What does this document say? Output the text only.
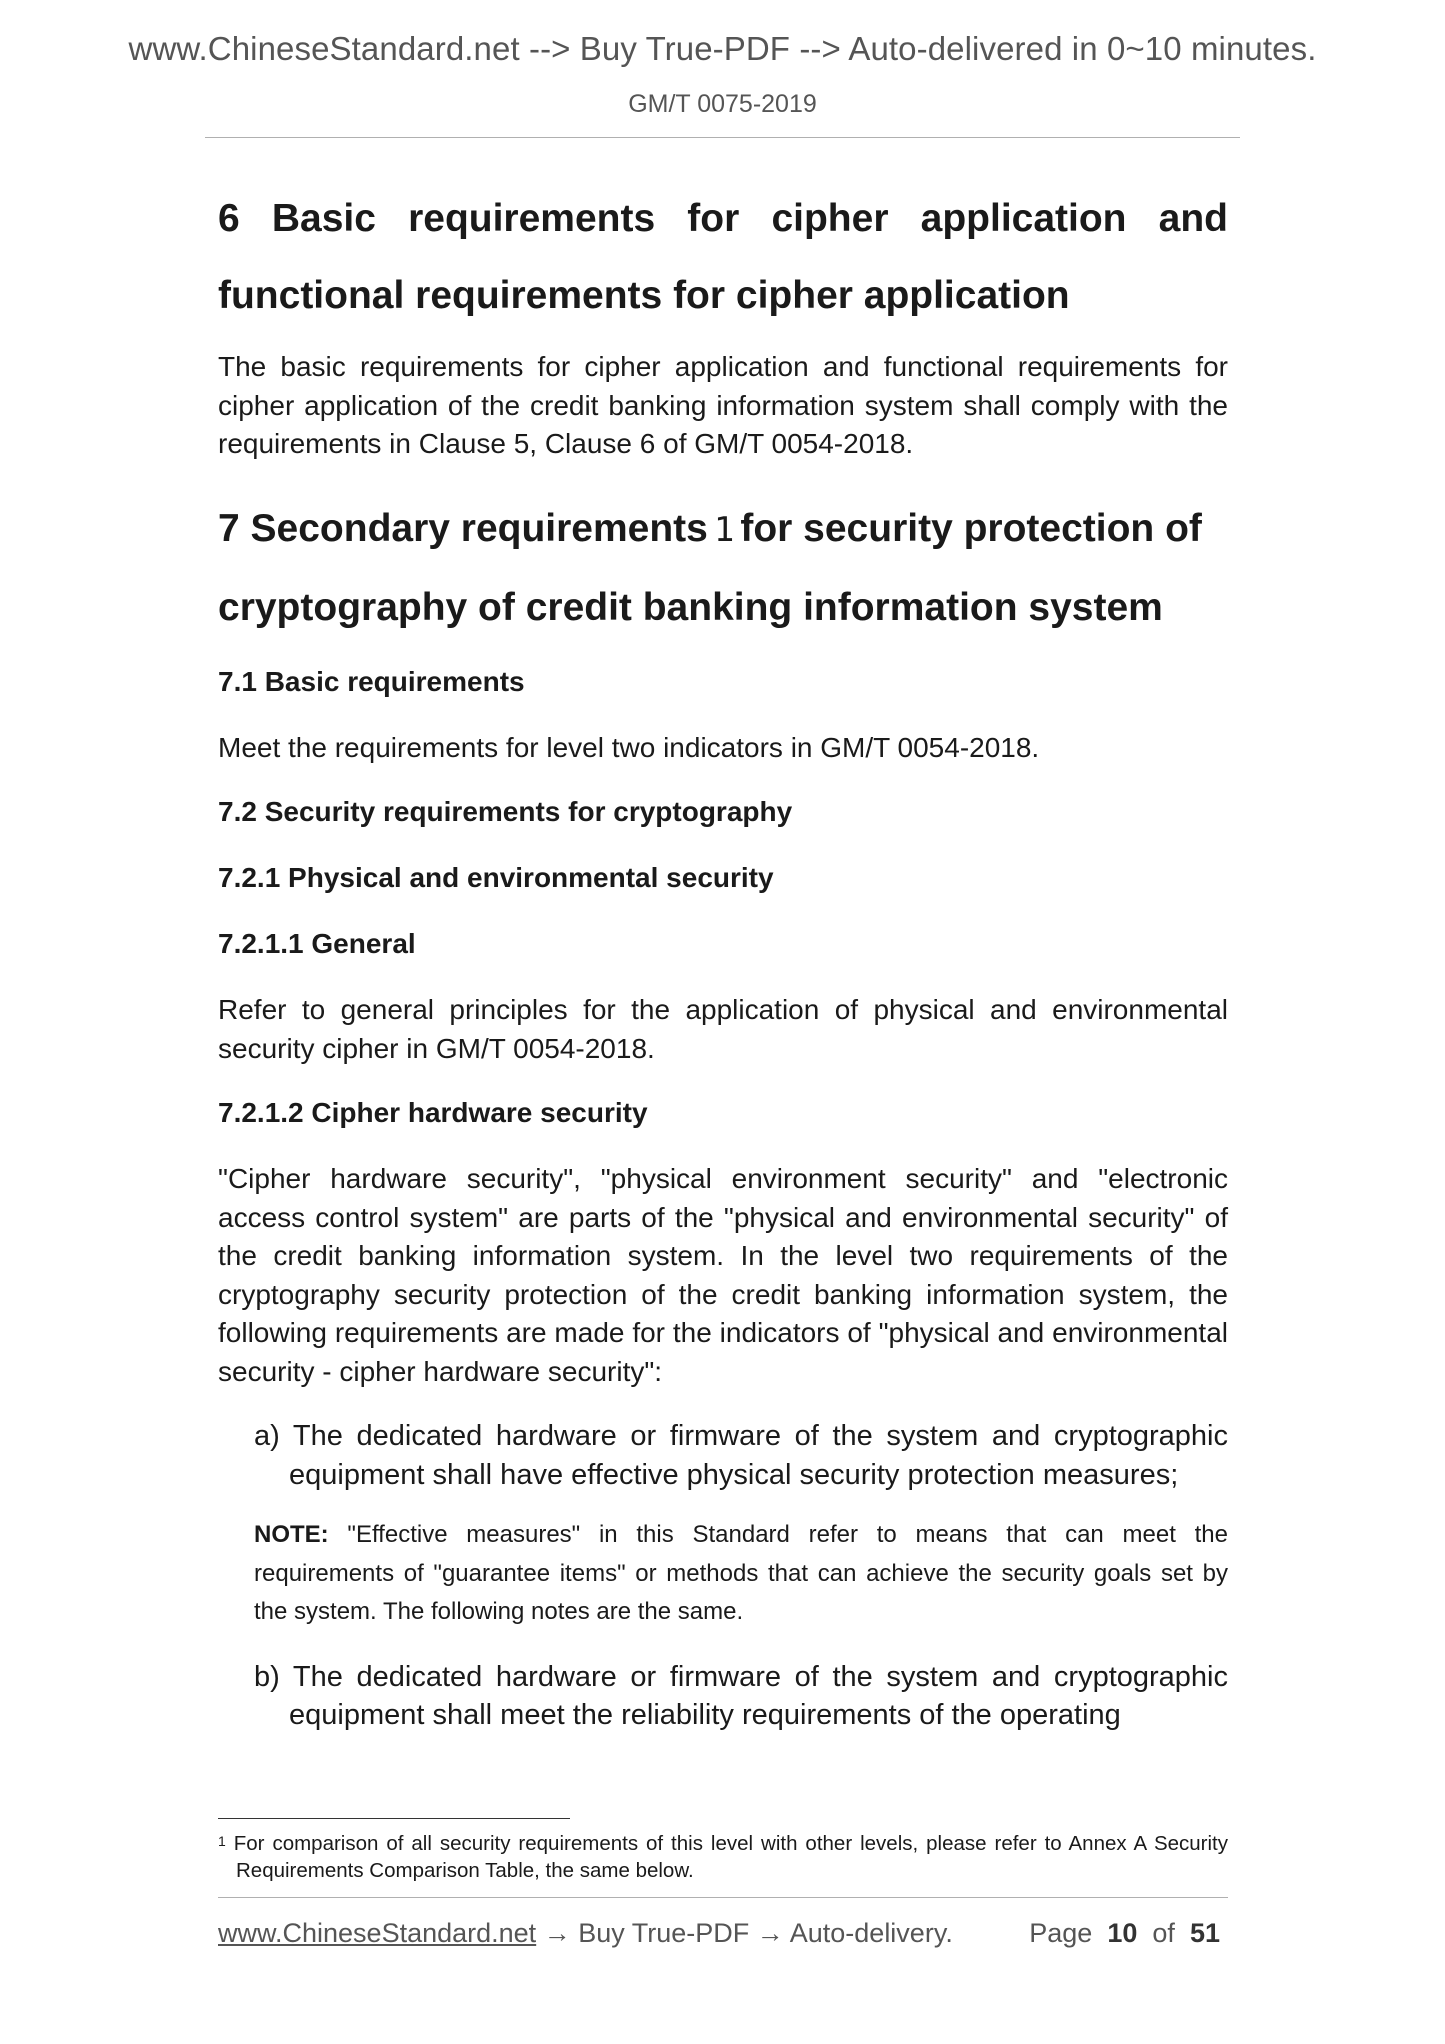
www.ChineseStandard.net --> Buy True-PDF --> Auto-delivered in 0~10 minutes.
GM/T 0075-2019
6 Basic requirements for cipher application and
functional requirements for cipher application

The basic requirements for cipher application and functional requirements for cipher application of the credit banking information system shall comply with the requirements in Clause 5, Clause 6 of GM/T 0054-2018.

7 Secondary requirements 1 for security protection of
cryptography of credit banking information system
7.1 Basic requirements

Meet the requirements for level two indicators in GM/T 0054-2018.

7.2 Security requirements for cryptography
7.2.1 Physical and environmental security
7.2.1.1 General

Refer to general principles for the application of physical and environmental security cipher in GM/T 0054-2018.

7.2.1.2 Cipher hardware security

"Cipher hardware security", "physical environment security" and "electronic access control system" are parts of the "physical and environmental security" of the credit banking information system. In the level two requirements of the cryptography security protection of the credit banking information system, the following requirements are made for the indicators of "physical and environmental security - cipher hardware security":

a) The dedicated hardware or firmware of the system and cryptographic equipment shall have effective physical security protection measures;
NOTE: "Effective measures" in this Standard refer to means that can meet the requirements of "guarantee items" or methods that can achieve the security goals set by the system. The following notes are the same.
b) The dedicated hardware or firmware of the system and cryptographic equipment shall meet the reliability requirements of the operating
$^1$ For comparison of all security requirements of this level with other levels, please refer to Annex A Security Requirements Comparison Table, the same below.
www.ChineseStandard.net → Buy True-PDF → Auto-delivery.	Page 10 of 51
